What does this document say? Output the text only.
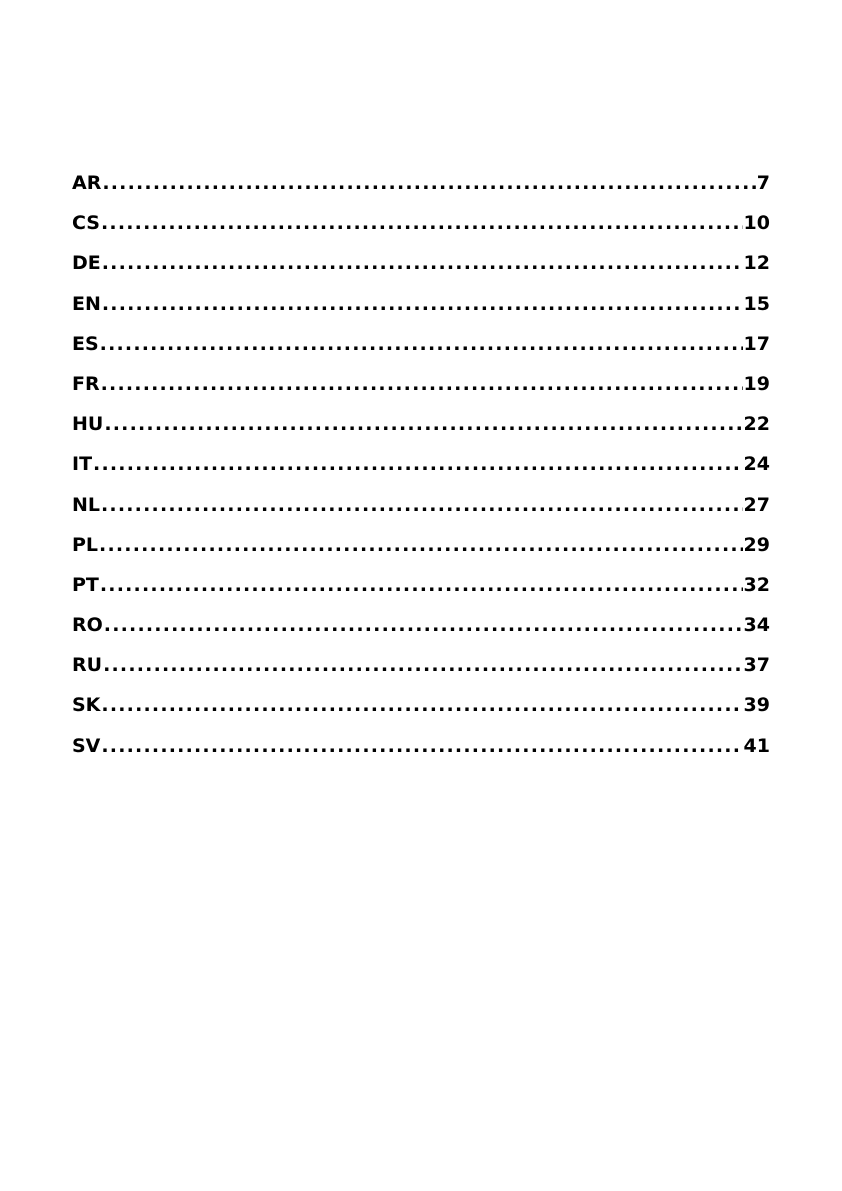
AR .....	7
CS .....	10
DE .....	12
EN .....	15
ES .....	17
FR .....	19
HU .....	22
IT .....	24
NL .....	27
PL .....	29
PT .....	32
RO .....	34
RU .....	37
SK .....	39
SV .....	41
